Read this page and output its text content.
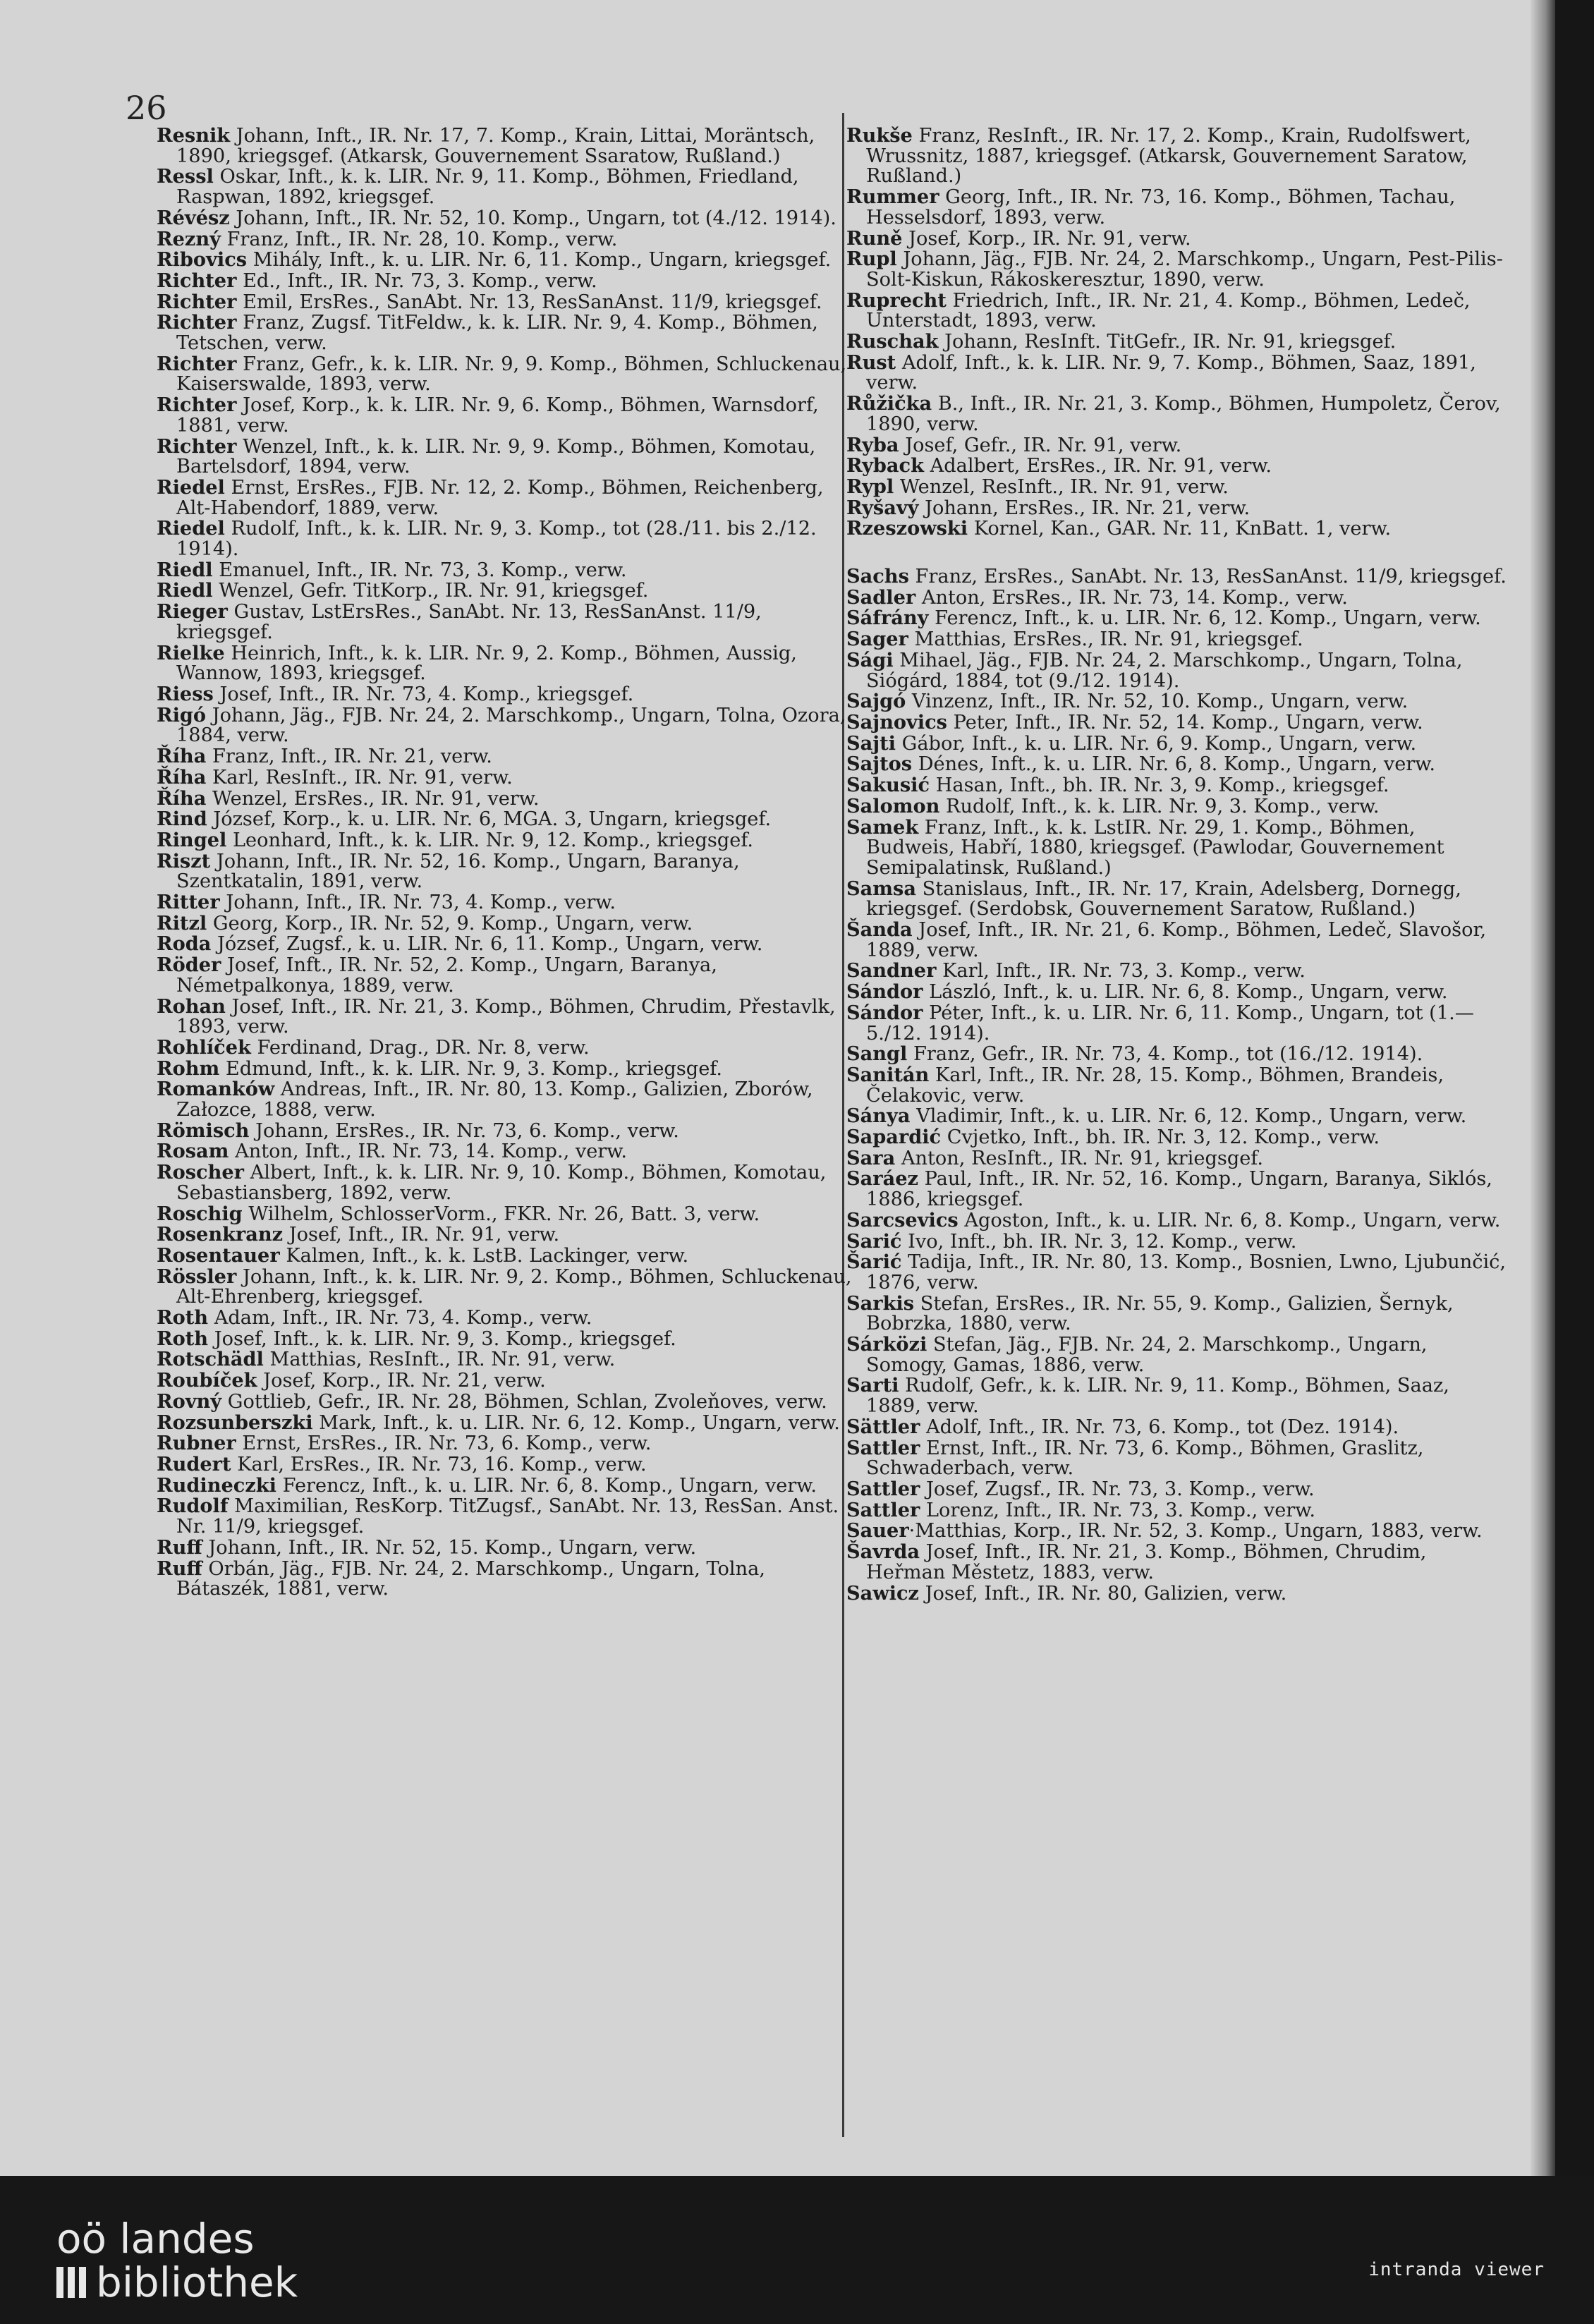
26

Resnik Johann, Inft., IR. Nr. 17, 7. Komp., Krain, Littai, Moräntsch, 1890, kriegsgef. (Atkarsk, Gouvernement Ssaratow, Rußland.)

Ressl Oskar, Inft., k. k. LIR. Nr. 9, 11. Komp., Böhmen, Friedland, Raspwan, 1892, kriegsgef.

Révész Johann, Inft., IR. Nr. 52, 10. Komp., Ungarn, tot (4./12. 1914).

Rezný Franz, Inft., IR. Nr. 28, 10. Komp., verw.

Ribovics Mihály, Inft., k. u. LIR. Nr. 6, 11. Komp., Ungarn, kriegsgef.

Richter Ed., Inft., IR. Nr. 73, 3. Komp., verw.

Richter Emil, ErsRes., SanAbt. Nr. 13, ResSanAnst. 11/9, kriegsgef.

Richter Franz, Zugsf. TitFeldw., k. k. LIR. Nr. 9, 4. Komp., Böhmen, Tetschen, verw.

Richter Franz, Gefr., k. k. LIR. Nr. 9, 9. Komp., Böhmen, Schluckenau, Kaiserswalde, 1893, verw.

Richter Josef, Korp., k. k. LIR. Nr. 9, 6. Komp., Böhmen, Warnsdorf, 1881, verw.

Richter Wenzel, Inft., k. k. LIR. Nr. 9, 9. Komp., Böhmen, Komotau, Bartelsdorf, 1894, verw.

Riedel Ernst, ErsRes., FJB. Nr. 12, 2. Komp., Böhmen, Reichenberg, Alt-Habendorf, 1889, verw.

Riedel Rudolf, Inft., k. k. LIR. Nr. 9, 3. Komp., tot (28./11. bis 2./12. 1914).

Riedl Emanuel, Inft., IR. Nr. 73, 3. Komp., verw.

Riedl Wenzel, Gefr. TitKorp., IR. Nr. 91, kriegsgef.

Rieger Gustav, LstErsRes., SanAbt. Nr. 13, ResSanAnst. 11/9, kriegsgef.

Rielke Heinrich, Inft., k. k. LIR. Nr. 9, 2. Komp., Böhmen, Aussig, Wannow, 1893, kriegsgef.

Riess Josef, Inft., IR. Nr. 73, 4. Komp., kriegsgef.

Rigó Johann, Jäg., FJB. Nr. 24, 2. Marschkomp., Ungarn, Tolna, Ozora, 1884, verw.

Říha Franz, Inft., IR. Nr. 21, verw.

Říha Karl, ResInft., IR. Nr. 91, verw.

Říha Wenzel, ErsRes., IR. Nr. 91, verw.

Rind József, Korp., k. u. LIR. Nr. 6, MGA. 3, Ungarn, kriegsgef.

Ringel Leonhard, Inft., k. k. LIR. Nr. 9, 12. Komp., kriegsgef.

Riszt Johann, Inft., IR. Nr. 52, 16. Komp., Ungarn, Baranya, Szentkatalin, 1891, verw.

Ritter Johann, Inft., IR. Nr. 73, 4. Komp., verw.

Ritzl Georg, Korp., IR. Nr. 52, 9. Komp., Ungarn, verw.

Roda József, Zugsf., k. u. LIR. Nr. 6, 11. Komp., Ungarn, verw.

Röder Josef, Inft., IR. Nr. 52, 2. Komp., Ungarn, Baranya, Németpalkonya, 1889, verw.

Rohan Josef, Inft., IR. Nr. 21, 3. Komp., Böhmen, Chrudim, Přestavlk, 1893, verw.

Rohlíček Ferdinand, Drag., DR. Nr. 8, verw.

Rohm Edmund, Inft., k. k. LIR. Nr. 9, 3. Komp., kriegsgef.

Romanków Andreas, Inft., IR. Nr. 80, 13. Komp., Galizien, Zborów, Załozce, 1888, verw.

Römisch Johann, ErsRes., IR. Nr. 73, 6. Komp., verw.

Rosam Anton, Inft., IR. Nr. 73, 14. Komp., verw.

Roscher Albert, Inft., k. k. LIR. Nr. 9, 10. Komp., Böhmen, Komotau, Sebastiansberg, 1892, verw.

Roschig Wilhelm, SchlosserVorm., FKR. Nr. 26, Batt. 3, verw.

Rosenkranz Josef, Inft., IR. Nr. 91, verw.

Rosentauer Kalmen, Inft., k. k. LstB. Lackinger, verw.

Rössler Johann, Inft., k. k. LIR. Nr. 9, 2. Komp., Böhmen, Schluckenau, Alt-Ehrenberg, kriegsgef.

Roth Adam, Inft., IR. Nr. 73, 4. Komp., verw.

Roth Josef, Inft., k. k. LIR. Nr. 9, 3. Komp., kriegsgef.

Rotschädl Matthias, ResInft., IR. Nr. 91, verw.

Roubíček Josef, Korp., IR. Nr. 21, verw.

Rovný Gottlieb, Gefr., IR. Nr. 28, Böhmen, Schlan, Zvoleňoves, verw.

Rozsunberszki Mark, Inft., k. u. LIR. Nr. 6, 12. Komp., Ungarn, verw.

Rubner Ernst, ErsRes., IR. Nr. 73, 6. Komp., verw.

Rudert Karl, ErsRes., IR. Nr. 73, 16. Komp., verw.

Rudineczki Ferencz, Inft., k. u. LIR. Nr. 6, 8. Komp., Ungarn, verw.

Rudolf Maximilian, ResKorp. TitZugsf., SanAbt. Nr. 13, ResSan. Anst. Nr. 11/9, kriegsgef.

Ruff Johann, Inft., IR. Nr. 52, 15. Komp., Ungarn, verw.

Ruff Orbán, Jäg., FJB. Nr. 24, 2. Marschkomp., Ungarn, Tolna, Bátaszék, 1881, verw.

Rukše Franz, ResInft., IR. Nr. 17, 2. Komp., Krain, Rudolfswert, Wrussnitz, 1887, kriegsgef. (Atkarsk, Gouvernement Saratow, Rußland.)

Rummer Georg, Inft., IR. Nr. 73, 16. Komp., Böhmen, Tachau, Hesselsdorf, 1893, verw.

Runě Josef, Korp., IR. Nr. 91, verw.

Rupl Johann, Jäg., FJB. Nr. 24, 2. Marschkomp., Ungarn, Pest-Pilis-Solt-Kiskun, Rákoskeresztur, 1890, verw.

Ruprecht Friedrich, Inft., IR. Nr. 21, 4. Komp., Böhmen, Ledeč, Unterstadt, 1893, verw.

Ruschak Johann, ResInft. TitGefr., IR. Nr. 91, kriegsgef.

Rust Adolf, Inft., k. k. LIR. Nr. 9, 7. Komp., Böhmen, Saaz, 1891, verw.

Růžička B., Inft., IR. Nr. 21, 3. Komp., Böhmen, Humpoletz, Čerov, 1890, verw.

Ryba Josef, Gefr., IR. Nr. 91, verw.

Ryback Adalbert, ErsRes., IR. Nr. 91, verw.

Rypl Wenzel, ResInft., IR. Nr. 91, verw.

Ryšavý Johann, ErsRes., IR. Nr. 21, verw.

Rzeszowski Kornel, Kan., GAR. Nr. 11, KnBatt. 1, verw.

Sachs Franz, ErsRes., SanAbt. Nr. 13, ResSanAnst. 11/9, kriegsgef.

Sadler Anton, ErsRes., IR. Nr. 73, 14. Komp., verw.

Sáfrány Ferencz, Inft., k. u. LIR. Nr. 6, 12. Komp., Ungarn, verw.

Sager Matthias, ErsRes., IR. Nr. 91, kriegsgef.

Sági Mihael, Jäg., FJB. Nr. 24, 2. Marschkomp., Ungarn, Tolna, Siógárd, 1884, tot (9./12. 1914).

Sajgó Vinzenz, Inft., IR. Nr. 52, 10. Komp., Ungarn, verw.

Sajnovics Peter, Inft., IR. Nr. 52, 14. Komp., Ungarn, verw.

Sajti Gábor, Inft., k. u. LIR. Nr. 6, 9. Komp., Ungarn, verw.

Sajtos Dénes, Inft., k. u. LIR. Nr. 6, 8. Komp., Ungarn, verw.

Sakusić Hasan, Inft., bh. IR. Nr. 3, 9. Komp., kriegsgef.

Salomon Rudolf, Inft., k. k. LIR. Nr. 9, 3. Komp., verw.

Samek Franz, Inft., k. k. LstIR. Nr. 29, 1. Komp., Böhmen, Budweis, Habří, 1880, kriegsgef. (Pawlodar, Gouvernement Semipalatinsk, Rußland.)

Samsa Stanislaus, Inft., IR. Nr. 17, Krain, Adelsberg, Dornegg, kriegsgef. (Serdobsk, Gouvernement Saratow, Rußland.)

Šanda Josef, Inft., IR. Nr. 21, 6. Komp., Böhmen, Ledeč, Slavošor, 1889, verw.

Sandner Karl, Inft., IR. Nr. 73, 3. Komp., verw.

Sándor László, Inft., k. u. LIR. Nr. 6, 8. Komp., Ungarn, verw.

Sándor Péter, Inft., k. u. LIR. Nr. 6, 11. Komp., Ungarn, tot (1.—5./12. 1914).

Sangl Franz, Gefr., IR. Nr. 73, 4. Komp., tot (16./12. 1914).

Sanitán Karl, Inft., IR. Nr. 28, 15. Komp., Böhmen, Brandeis, Čelakovic, verw.

Sánya Vladimir, Inft., k. u. LIR. Nr. 6, 12. Komp., Ungarn, verw.

Sapardić Cvjetko, Inft., bh. IR. Nr. 3, 12. Komp., verw.

Sara Anton, ResInft., IR. Nr. 91, kriegsgef.

Saráez Paul, Inft., IR. Nr. 52, 16. Komp., Ungarn, Baranya, Siklós, 1886, kriegsgef.

Sarcsevics Agoston, Inft., k. u. LIR. Nr. 6, 8. Komp., Ungarn, verw.

Sarić Ivo, Inft., bh. IR. Nr. 3, 12. Komp., verw.

Šarić Tadija, Inft., IR. Nr. 80, 13. Komp., Bosnien, Lwno, Ljubunčić, 1876, verw.

Sarkis Stefan, ErsRes., IR. Nr. 55, 9. Komp., Galizien, Šernyk, Bobrzka, 1880, verw.

Sárközi Stefan, Jäg., FJB. Nr. 24, 2. Marschkomp., Ungarn, Somogy, Gamas, 1886, verw.

Sarti Rudolf, Gefr., k. k. LIR. Nr. 9, 11. Komp., Böhmen, Saaz, 1889, verw.

Sättler Adolf, Inft., IR. Nr. 73, 6. Komp., tot (Dez. 1914).

Sattler Ernst, Inft., IR. Nr. 73, 6. Komp., Böhmen, Graslitz, Schwaderbach, verw.

Sattler Josef, Zugsf., IR. Nr. 73, 3. Komp., verw.

Sattler Lorenz, Inft., IR. Nr. 73, 3. Komp., verw.

Sauer·Matthias, Korp., IR. Nr. 52, 3. Komp., Ungarn, 1883, verw.

Šavrda Josef, Inft., IR. Nr. 21, 3. Komp., Böhmen, Chrudim, Heřman Městetz, 1883, verw.

Sawicz Josef, Inft., IR. Nr. 80, Galizien, verw.

oö landes
bibliothek	intranda viewer
